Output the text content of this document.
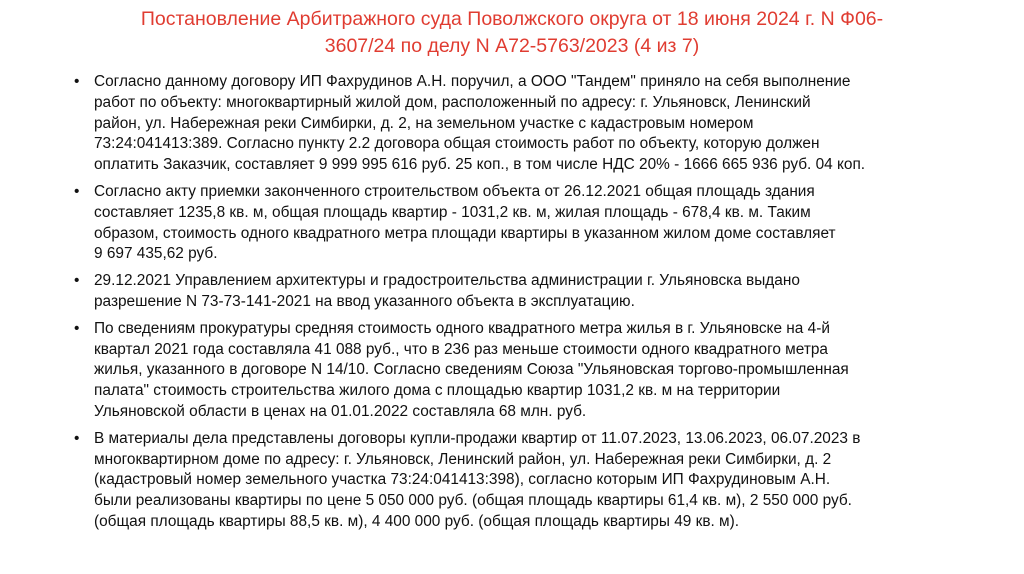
Постановление Арбитражного суда Поволжского округа от 18 июня 2024 г. N Ф06-
3607/24 по делу N А72-5763/2023 (4 из 7)
• Согласно данному договору ИП Фахрудинов А.Н. поручил, а ООО "Тандем" приняло на себя выполнение
работ по объекту: многоквартирный жилой дом, расположенный по адресу: г. Ульяновск, Ленинский
район, ул. Набережная реки Симбирки, д. 2, на земельном участке с кадастровым номером
73:24:041413:389. Согласно пункту 2.2 договора общая стоимость работ по объекту, которую должен
оплатить Заказчик, составляет 9 999 995 616 руб. 25 коп., в том числе НДС 20% - 1666 665 936 руб. 04 коп.
• Согласно акту приемки законченного строительством объекта от 26.12.2021 общая площадь здания
составляет 1235,8 кв. м, общая площадь квартир - 1031,2 кв. м, жилая площадь - 678,4 кв. м. Таким
образом, стоимость одного квадратного метра площади квартиры в указанном жилом доме составляет
9 697 435,62 руб.
• 29.12.2021 Управлением архитектуры и градостроительства администрации г. Ульяновска выдано
разрешение N 73-73-141-2021 на ввод указанного объекта в эксплуатацию.
• По сведениям прокуратуры средняя стоимость одного квадратного метра жилья в г. Ульяновске на 4-й
квартал 2021 года составляла 41 088 руб., что в 236 раз меньше стоимости одного квадратного метра
жилья, указанного в договоре N 14/10. Согласно сведениям Союза "Ульяновская торгово-промышленная
палата" стоимость строительства жилого дома с площадью квартир 1031,2 кв. м на территории
Ульяновской области в ценах на 01.01.2022 составляла 68 млн. руб.
• В материалы дела представлены договоры купли-продажи квартир от 11.07.2023, 13.06.2023, 06.07.2023 в
многоквартирном доме по адресу: г. Ульяновск, Ленинский район, ул. Набережная реки Симбирки, д. 2
(кадастровый номер земельного участка 73:24:041413:398), согласно которым ИП Фахрудиновым А.Н.
были реализованы квартиры по цене 5 050 000 руб. (общая площадь квартиры 61,4 кв. м), 2 550 000 руб.
(общая площадь квартиры 88,5 кв. м), 4 400 000 руб. (общая площадь квартиры 49 кв. м).
